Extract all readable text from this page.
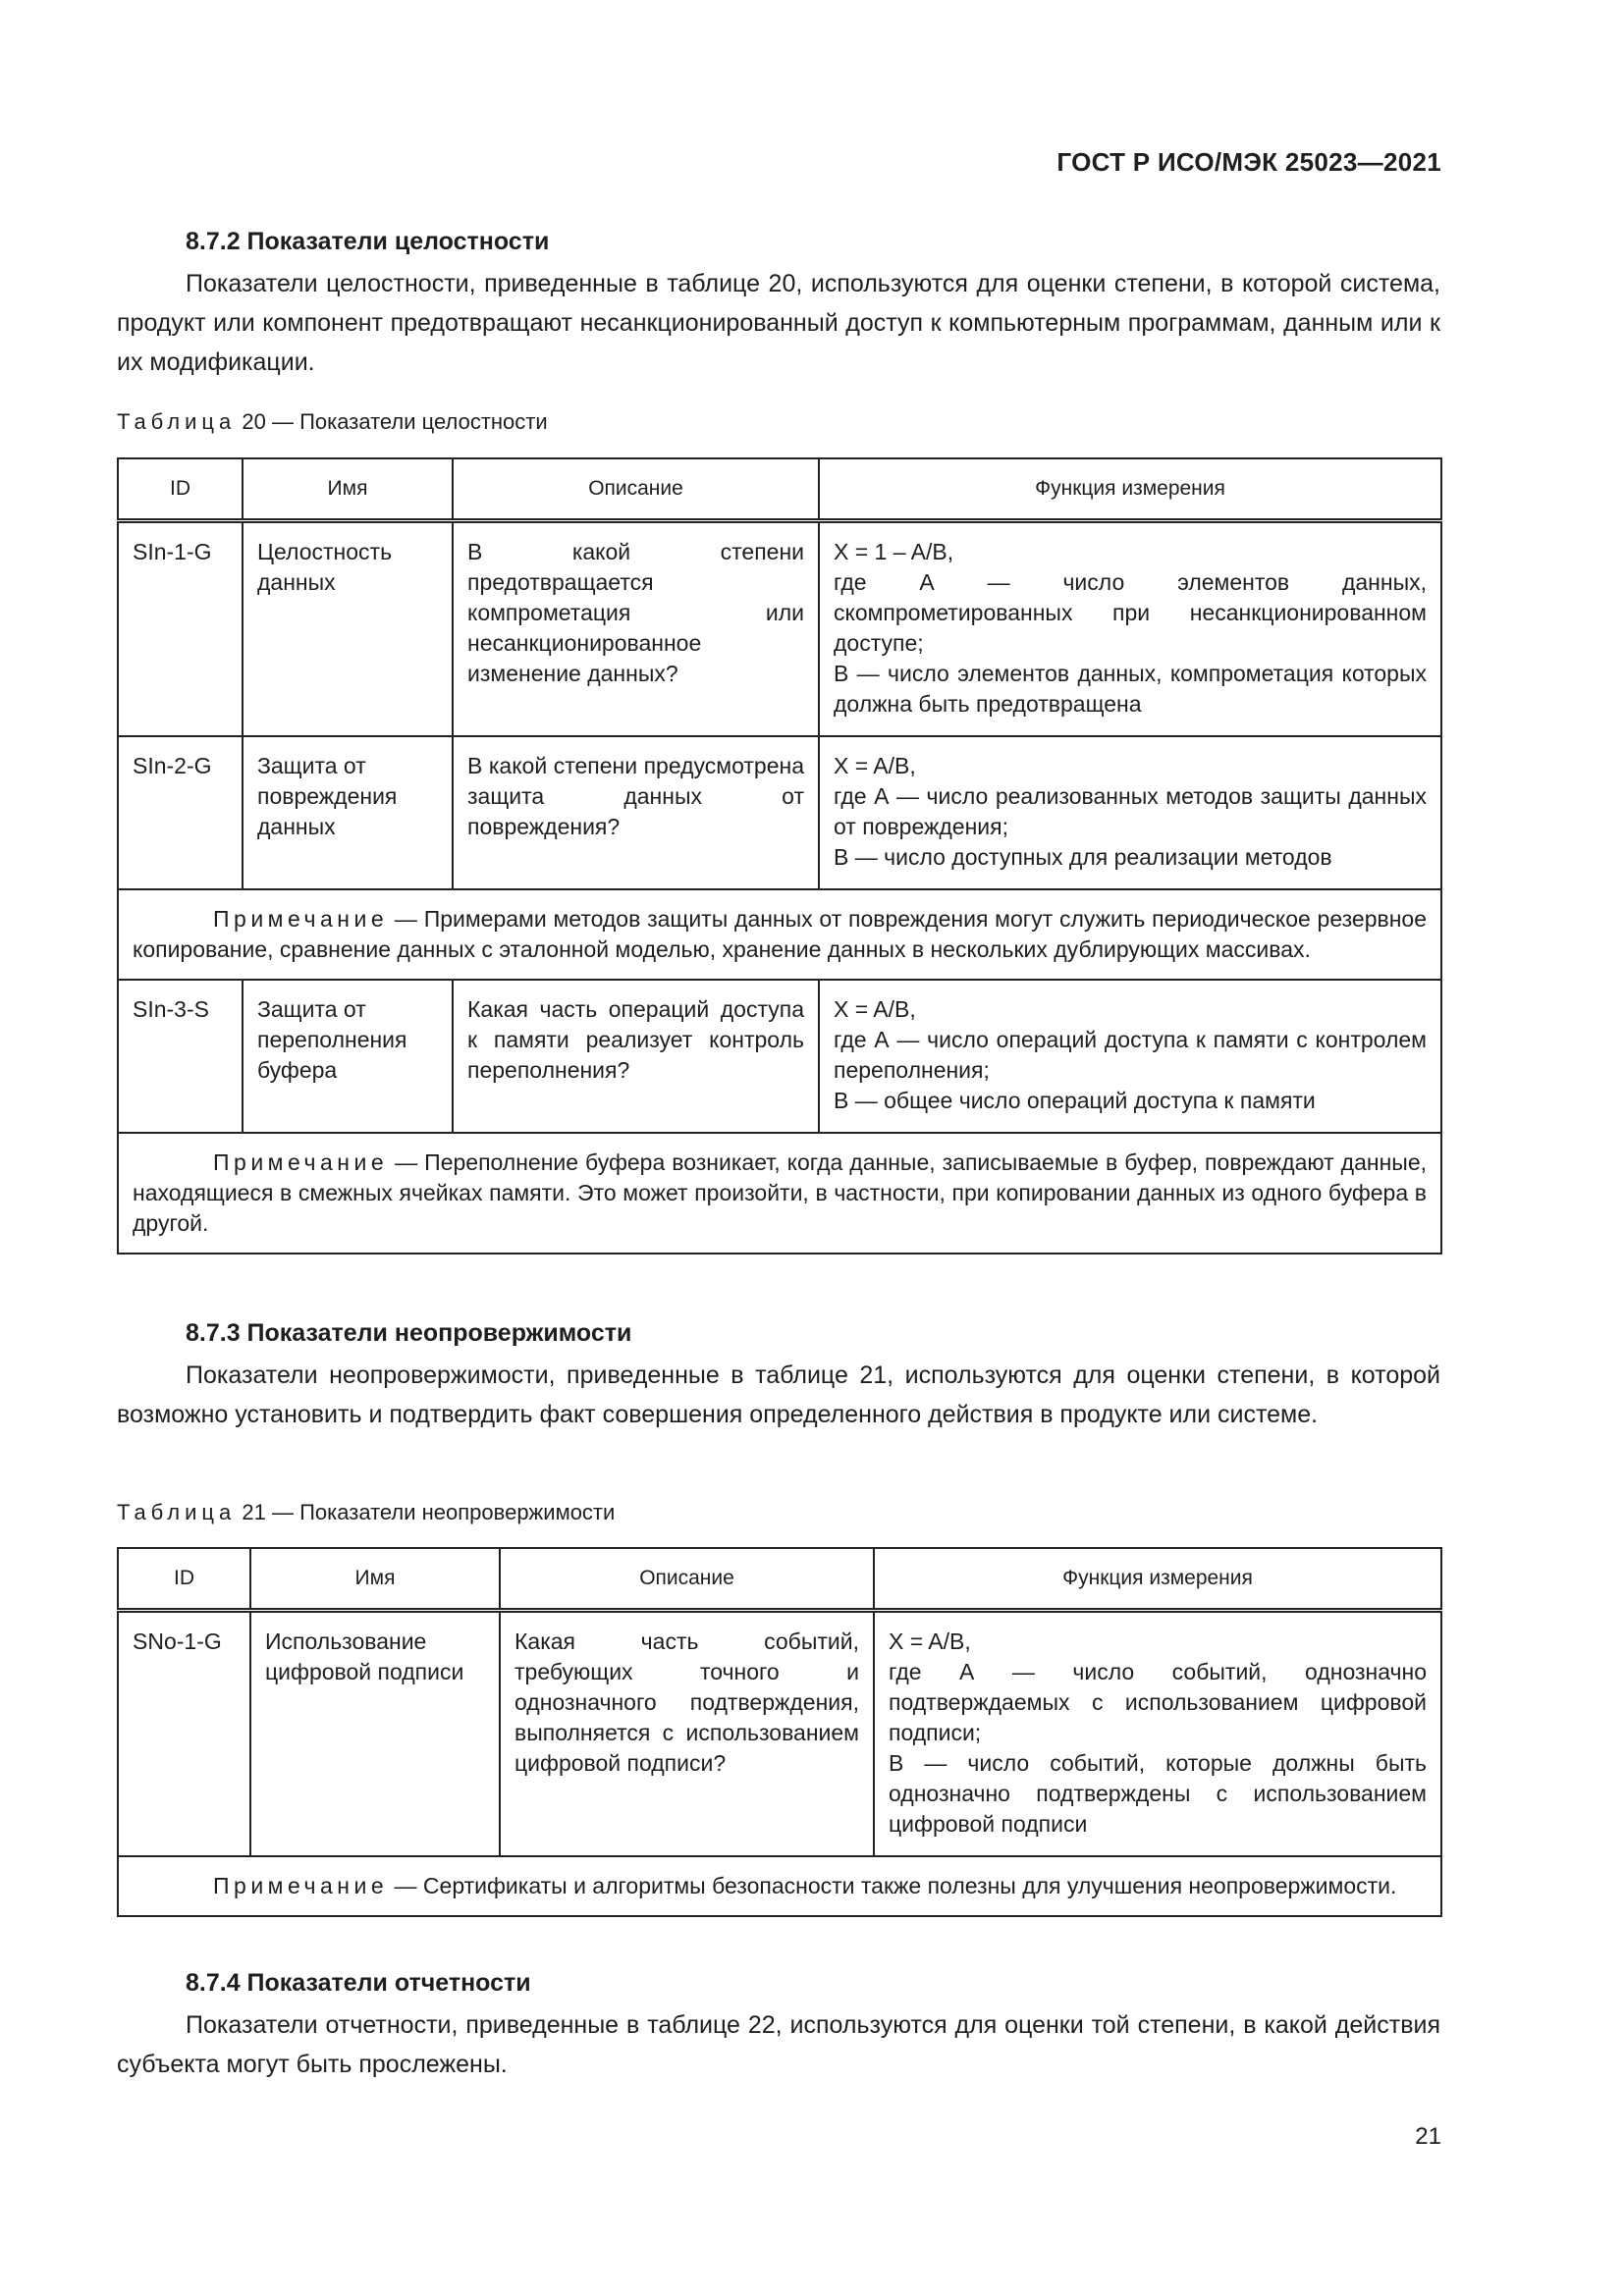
ГОСТ Р ИСО/МЭК 25023—2021
8.7.2 Показатели целостности
Показатели целостности, приведенные в таблице 20, используются для оценки степени, в которой система, продукт или компонент предотвращают несанкционированный доступ к компьютерным программам, данным или к их модификации.
Таблица 20 — Показатели целостности
ID	Имя	Описание	Функция измерения
SIn-1-G	Целостность данных	В какой степени предотвращается компрометация или несанкционированное изменение данных?	X = 1 – A/B,
где А — число элементов данных, скомпрометированных при несанкционированном доступе;
В — число элементов данных, компрометация которых должна быть предотвращена

SIn-2-G	Защита от повреждения данных	В какой степени предусмотрена защита данных от повреждения?	X = A/B,
где А — число реализованных методов защиты данных от повреждения;
В — число доступных для реализации методов

Примечание — Примерами методов защиты данных от повреждения могут служить периодическое резервное копирование, сравнение данных с эталонной моделью, хранение данных в нескольких дублирующих массивах.			
SIn-3-S	Защита от переполнения буфера	Какая часть операций доступа к памяти реализует контроль переполнения?	X = A/B,
где А — число операций доступа к памяти с контролем переполнения;
В — общее число операций доступа к памяти

Примечание — Переполнение буфера возникает, когда данные, записываемые в буфер, повреждают данные, находящиеся в смежных ячейках памяти. Это может произойти, в частности, при копировании данных из одного буфера в другой.			
8.7.3 Показатели неопровержимости
Показатели неопровержимости, приведенные в таблице 21, используются для оценки степени, в которой возможно установить и подтвердить факт совершения определенного действия в продукте или системе.
Таблица 21 — Показатели неопровержимости
ID	Имя	Описание	Функция измерения
SNo-1-G	Использование цифровой подписи	Какая часть событий, требующих точного и однозначного подтверждения, выполняется с использованием цифровой подписи?	X = A/B,
где А — число событий, однозначно подтверждаемых с использованием цифровой подписи;
В — число событий, которые должны быть однозначно подтверждены с использованием цифровой подписи

Примечание — Сертификаты и алгоритмы безопасности также полезны для улучшения неопровержимости.			
8.7.4 Показатели отчетности
Показатели отчетности, приведенные в таблице 22, используются для оценки той степени, в какой действия субъекта могут быть прослежены.
21
